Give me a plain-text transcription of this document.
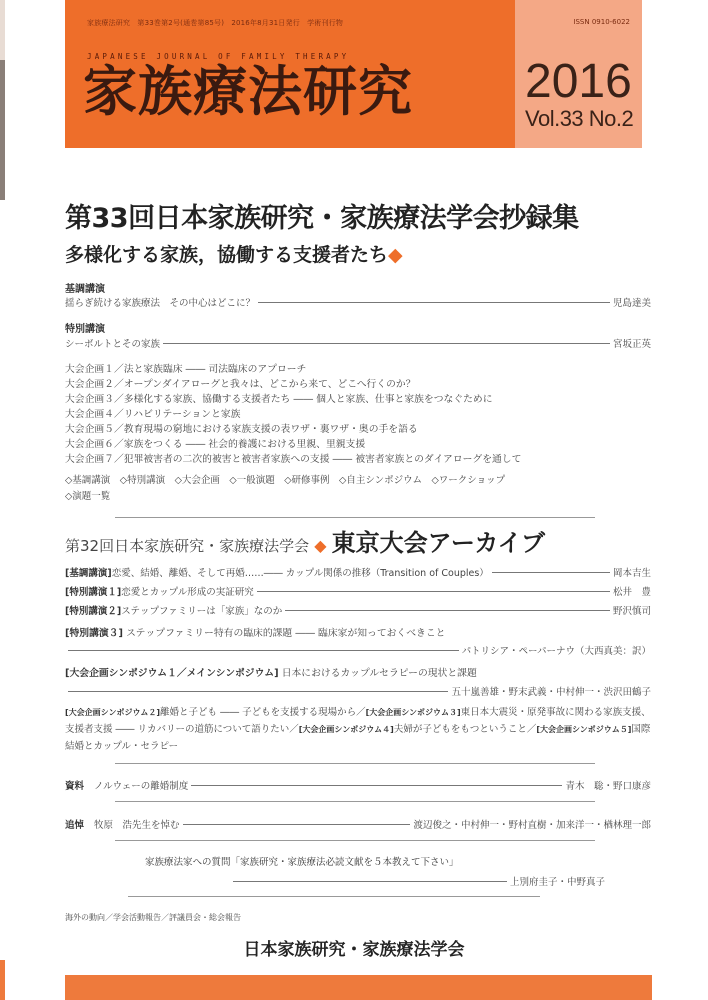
家族療法研究　第33巻第2号(通巻第85号)　2016年8月31日発行　学術刊行物
JAPANESE JOURNAL OF FAMILY THERAPY
家族療法研究
ISSN 0910-6022
2016
Vol.33 No.2
第33回日本家族研究・家族療法学会抄録集
多様化する家族，協働する支援者たち◆
基調講演
揺らぎ続ける家族療法　その中心はどこに？	児島達美
特別講演
シーボルトとその家族	宮坂正英
大会企画１／法と家族臨床 ―― 司法臨床のアプローチ
大会企画２／オープンダイアローグと我々は、どこから来て、どこへ行くのか？
大会企画３／多様化する家族、協働する支援者たち ―― 個人と家族、仕事と家族をつなぐために
大会企画４／リハビリテーションと家族
大会企画５／教育現場の窮地における家族支援の表ワザ・裏ワザ・奥の手を語る
大会企画６／家族をつくる ―― 社会的養護における里親、里親支援
大会企画７／犯罪被害者の二次的被害と被害者家族への支援 ―― 被害者家族とのダイアローグを通して
◇基調講演　◇特別講演　◇大会企画　◇一般演題　◇研修事例　◇自主シンポジウム　◇ワークショップ
◇演題一覧
第32回日本家族研究・家族療法学会 ◆ 東京大会アーカイブ
[基調講演] 恋愛、結婚、離婚、そして再婚……―― カップル関係の推移（Transition of Couples）	岡本吉生
[特別講演１] 恋愛とカップル形成の実証研究	松井　豊
[特別講演２] ステップファミリーは「家族」なのか	野沢慎司
[特別講演３] ステップファミリー特有の臨床的課題 ―― 臨床家が知っておくべきこと
パトリシア・ペーパーナウ（大西真美：訳）
[大会企画シンポジウム１／メインシンポジウム] 日本におけるカップルセラピーの現状と課題
五十嵐善雄・野末武義・中村伸一・渋沢田鶴子
[大会企画シンポジウム２]離婚と子ども ―― 子どもを支援する現場から／[大会企画シンポジウム３]東日本大震災・原発事故に関わる家族支援、支援者支援 ―― リカバリーの道筋について語りたい／[大会企画シンポジウム４]夫婦が子どもをもつということ／[大会企画シンポジウム５]国際結婚とカップル・セラピー
資料 ノルウェーの離婚制度	青木　聡・野口康彦
追悼 牧原　浩先生を悼む	渡辺俊之・中村伸一・野村直樹・加来洋一・楢林理一郎
家族療法家への質問「家族研究・家族療法必読文献を５本教えて下さい」
上別府圭子・中野真子
海外の動向／学会活動報告／評議員会・総会報告
日本家族研究・家族療法学会
